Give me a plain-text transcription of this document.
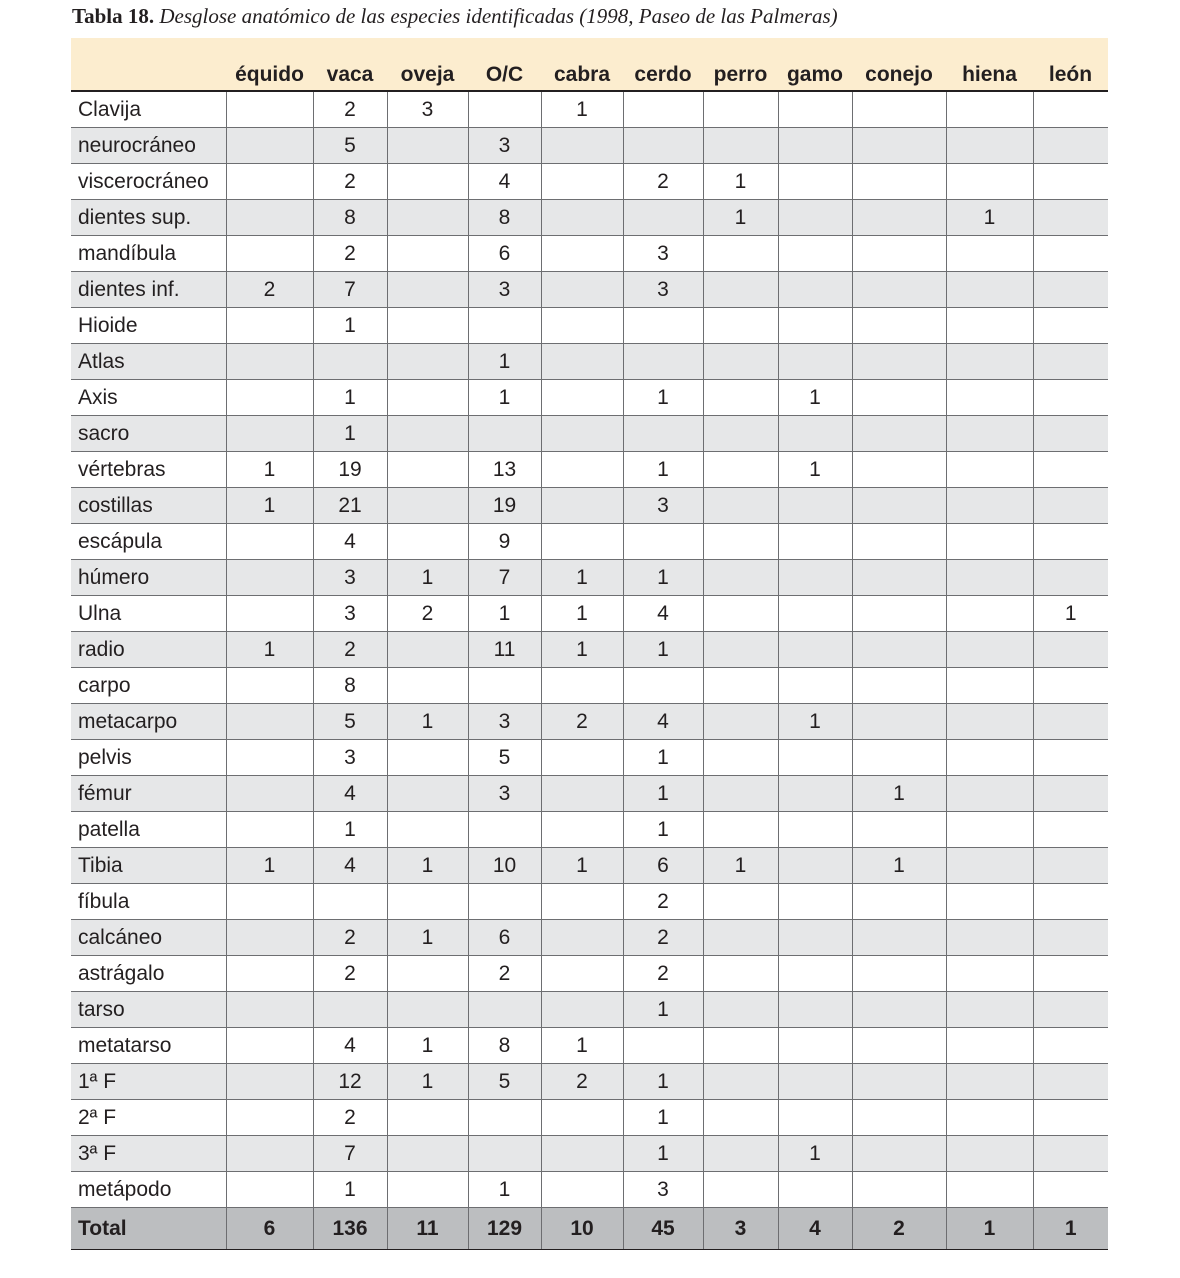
Tabla 18. Desglose anatómico de las especies identificadas (1998, Paseo de las Palmeras)
	équido	vaca	oveja	O/C	cabra	cerdo	perro	gamo	conejo	hiena	león
Clavija		2	3		1						
neurocráneo		5		3							
viscerocráneo		2		4		2	1				
dientes sup.		8		8			1			1	
mandíbula		2		6		3					
dientes inf.	2	7		3		3					
Hioide		1									
Atlas				1							
Axis		1		1		1		1			
sacro		1									
vértebras	1	19		13		1		1			
costillas	1	21		19		3					
escápula		4		9							
húmero		3	1	7	1	1					
Ulna		3	2	1	1	4					1
radio	1	2		11	1	1					
carpo		8									
metacarpo		5	1	3	2	4		1			
pelvis		3		5		1					
fémur		4		3		1			1		
patella		1				1					
Tibia	1	4	1	10	1	6	1		1		
fíbula						2					
calcáneo		2	1	6		2					
astrágalo		2		2		2					
tarso						1					
metatarso		4	1	8	1						
1ª F		12	1	5	2	1					
2ª F		2				1					
3ª F		7				1		1			
metápodo		1		1		3					
Total	6	136	11	129	10	45	3	4	2	1	1
